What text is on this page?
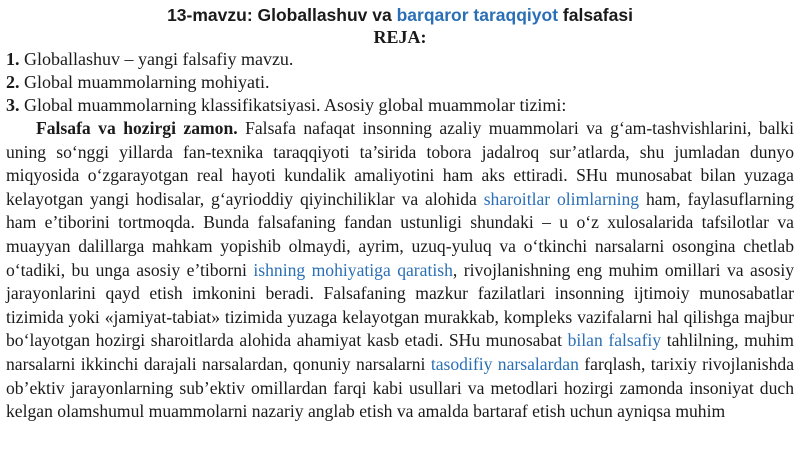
13-mavzu: Globallashuv va barqaror taraqqiyot falsafasi
REJA:

1. Globallashuv – yangi falsafiy mavzu.

2. Global muammolarning mohiyati.

3. Global muammolarning klassifikatsiyasi. Asosiy global muammolar tizimi:

Falsafa va hozirgi zamon. Falsafa nafaqat insonning azaliy muammolari va g‘am-tashvishlarini, balki uning so‘nggi yillarda fan-texnika taraqqiyoti ta’sirida tobora jadalroq sur’atlarda, shu jumladan dunyo miqyosida o‘zgarayotgan real hayoti kundalik amaliyotini ham aks ettiradi. SHu munosabat bilan yuzaga kelayotgan yangi hodisalar, g‘ayrioddiy qiyinchiliklar va alohida sharoitlar olimlarning ham, faylasuflarning ham e’tiborini tortmoqda. Bunda falsafaning fandan ustunligi shundaki – u o‘z xulosalarida tafsilotlar va muayyan dalillarga mahkam yopishib olmaydi, ayrim, uzuq-yuluq va o‘tkinchi narsalarni osongina chetlab o‘tadiki, bu unga asosiy e’tiborni ishning mohiyatiga qaratish, rivojlanishning eng muhim omillari va asosiy jarayonlarini qayd etish imkonini beradi. Falsafaning mazkur fazilatlari insonning ijtimoiy munosabatlar tizimida yoki «jamiyat-tabiat» tizimida yuzaga kelayotgan murakkab, kompleks vazifalarni hal qilishga majbur bo‘layotgan hozirgi sharoitlarda alohida ahamiyat kasb etadi. SHu munosabat bilan falsafiy tahlilning, muhim narsalarni ikkinchi darajali narsalardan, qonuniy narsalarni tasodifiy narsalardan farqlash, tarixiy rivojlanishda ob’ektiv jarayonlarning sub’ektiv omillardan farqi kabi usullari va metodlari hozirgi zamonda insoniyat duch kelgan olamshumul muammolarni nazariy anglab etish va amalda bartaraf etish uchun ayniqsa muhim
